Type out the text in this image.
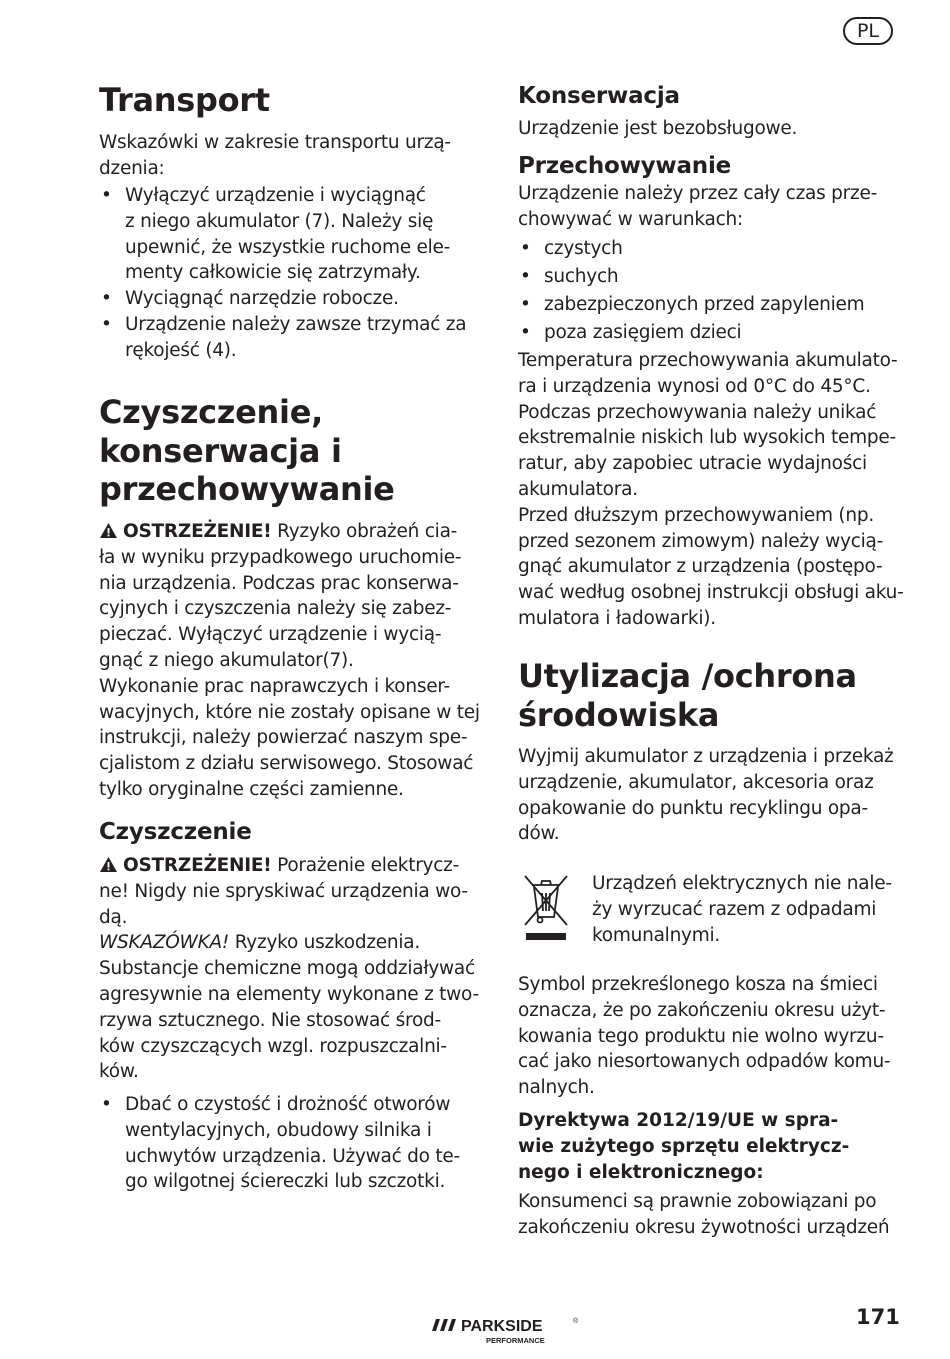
PL
Transport

Wskazówki w zakresie transportu urzą-
dzenia:

• Wyłączyć urządzenie i wyciągnąć
z niego akumulator (7). Należy się
upewnić, że wszystkie ruchome ele-
menty całkowicie się zatrzymały.
• Wyciągnąć narzędzie robocze.
• Urządzenie należy zawsze trzymać za
rękojeść (4).
Czyszczenie,
konserwacja i
przechowywanie

OSTRZEŻENIE! Ryzyko obrażeń cia-
ła w wyniku przypadkowego uruchomie-
nia urządzenia. Podczas prac konserwa-
cyjnych i czyszczenia należy się zabez-
pieczać. Wyłączyć urządzenie i wycią-
gnąć z niego akumulator(7).
Wykonanie prac naprawczych i konser-
wacyjnych, które nie zostały opisane w tej
instrukcji, należy powierzać naszym spe-
cjalistom z działu serwisowego. Stosować
tylko oryginalne części zamienne.

Czyszczenie

OSTRZEŻENIE! Porażenie elektrycz-
ne! Nigdy nie spryskiwać urządzenia wo-
dą.
WSKAZÓWKA! Ryzyko uszkodzenia.
Substancje chemiczne mogą oddziaływać
agresywnie na elementy wykonane z two-
rzywa sztucznego. Nie stosować środ-
ków czyszczących wzgl. rozpuszczalni-
ków.

• Dbać o czystość i drożność otworów
wentylacyjnych, obudowy silnika i
uchwytów urządzenia. Używać do te-
go wilgotnej ściereczki lub szczotki.
Konserwacja

Urządzenie jest bezobsługowe.

Przechowywanie

Urządzenie należy przez cały czas prze-
chowywać w warunkach:

• czystych
• suchych
• zabezpieczonych przed zapyleniem
• poza zasięgiem dzieci

Temperatura przechowywania akumulato-
ra i urządzenia wynosi od 0°C do 45°C.
Podczas przechowywania należy unikać
ekstremalnie niskich lub wysokich tempe-
ratur, aby zapobiec utracie wydajności
akumulatora.
Przed dłuższym przechowywaniem (np.
przed sezonem zimowym) należy wycią-
gnąć akumulator z urządzenia (postępo-
wać według osobnej instrukcji obsługi aku-
mulatora i ładowarki).

Utylizacja /ochrona
środowiska

Wyjmij akumulator z urządzenia i przekaż
urządzenie, akumulator, akcesoria oraz
opakowanie do punktu recyklingu opa-
dów.

Urządzeń elektrycznych nie nale-
ży wyrzucać razem z odpadami
komunalnymi.

Symbol przekreślonego kosza na śmieci
oznacza, że po zakończeniu okresu użyt-
kowania tego produktu nie wolno wyrzu-
cać jako niesortowanych odpadów komu-
nalnych.

Dyrektywa 2012/19/UE w spra-
wie zużytego sprzętu elektrycz-
nego i elektronicznego:

Konsumenci są prawnie zobowiązani po
zakończeniu okresu żywotności urządzeń

PARKSIDE	®
PERFORMANCE
171
